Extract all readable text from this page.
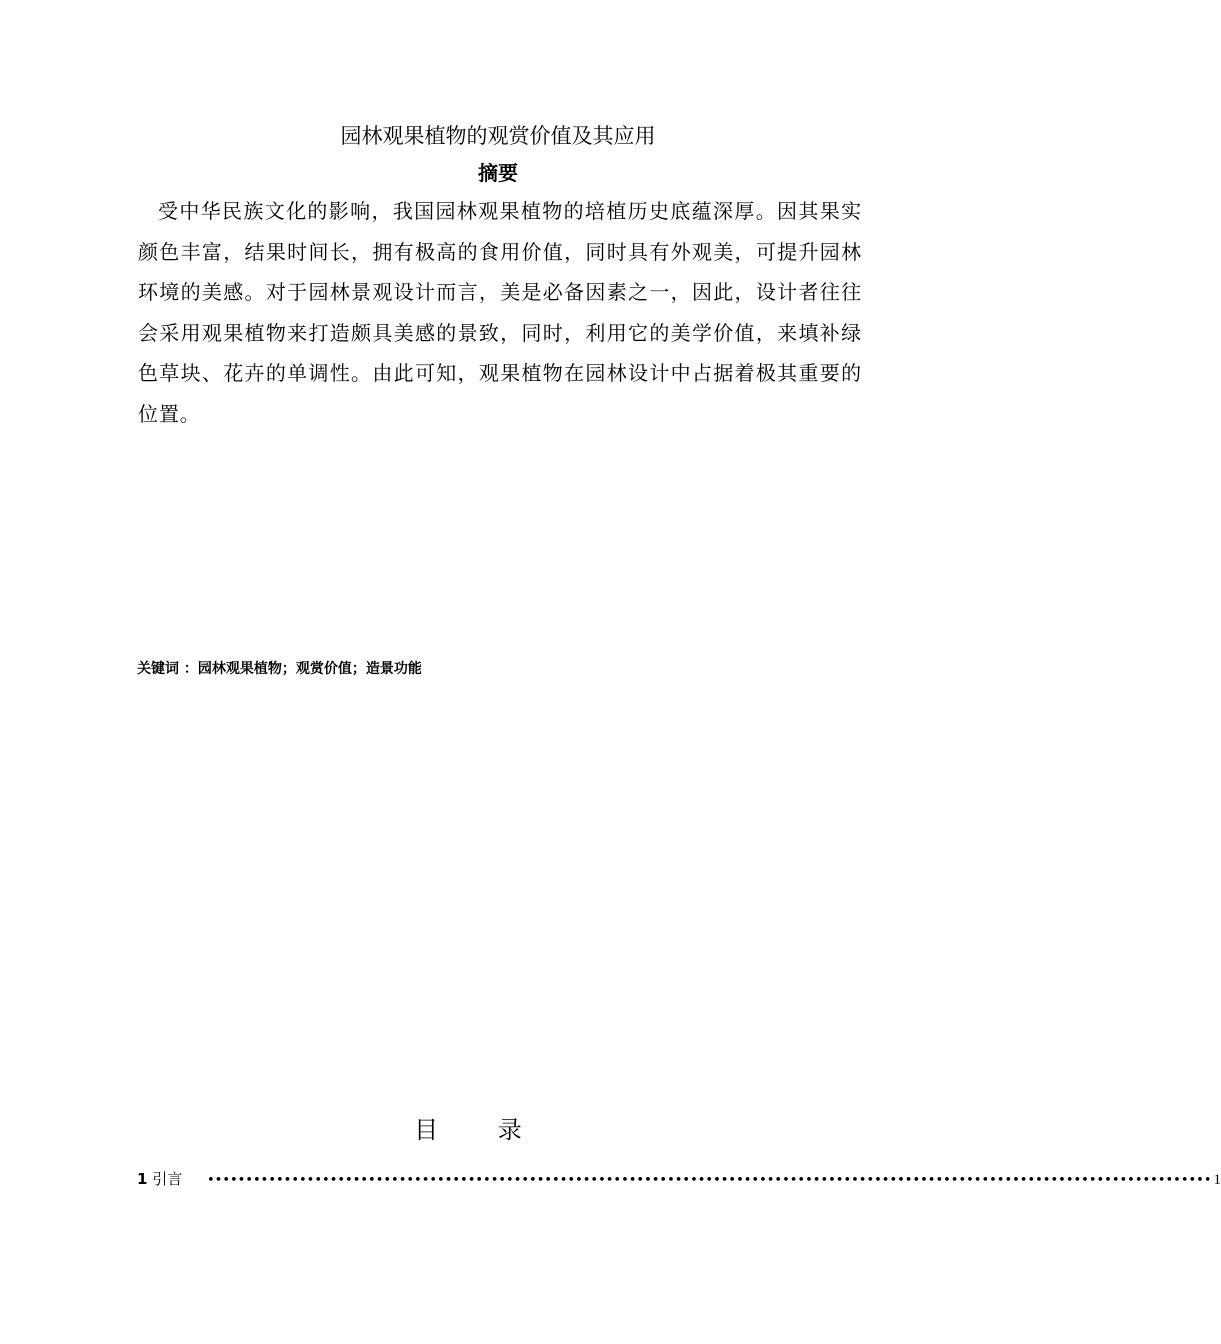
园林观果植物的观赏价值及其应用
摘要
受中华民族文化的影响，我国园林观果植物的培植历史底蕴深厚。因其果实颜色丰富，结果时间长，拥有极高的食用价值，同时具有外观美，可提升园林环境的美感。对于园林景观设计而言，美是必备因素之一，因此，设计者往往会采用观果植物来打造颇具美感的景致，同时，利用它的美学价值，来填补绿色草块、花卉的单调性。由此可知，观果植物在园林设计中占据着极其重要的位置。
关键词 ：园林观果植物；观赏价值；造景功能
目 录
1 引言	••••••••••••••••••••••••••••••••••••••••••••••••••••••••••••••••••••••••••••••••••••••••••••••••••••••••••••••••••••••••••••••••••• 1
